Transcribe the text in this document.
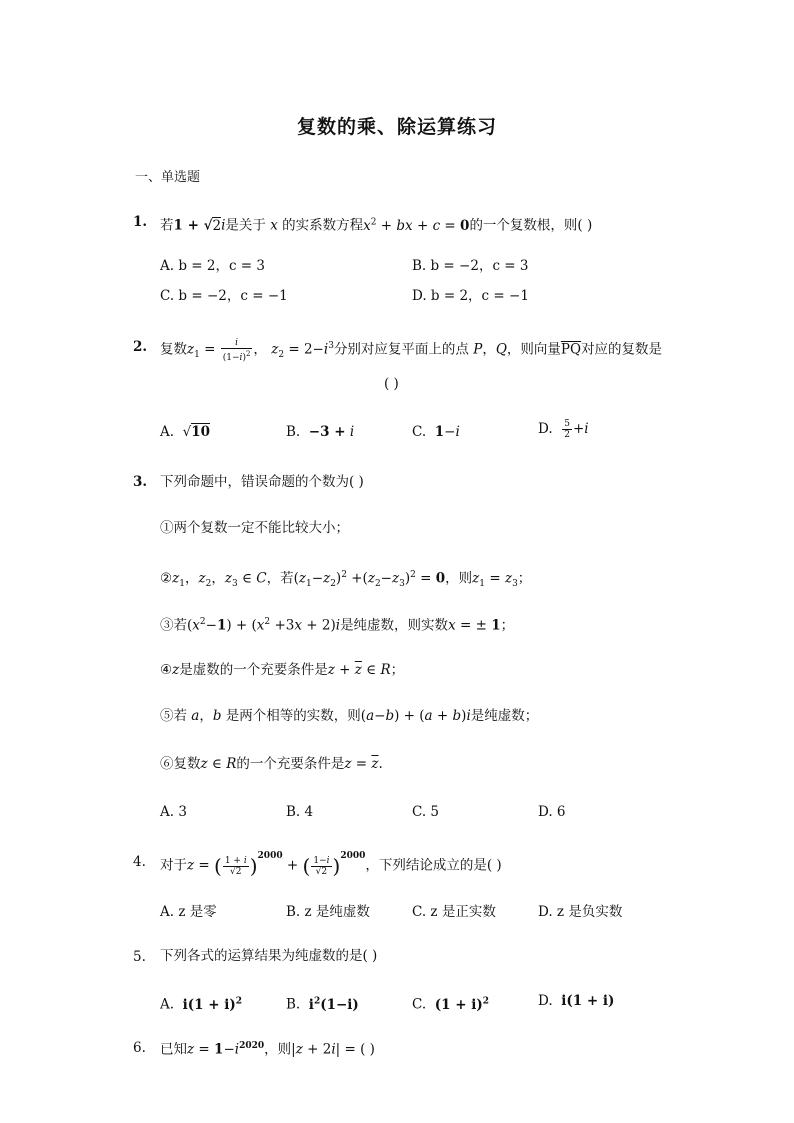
复数的乘、除运算练习
一、单选题
1. 若1 + √2i是关于 x 的实系数方程$x^2$ + bx + c = 0的一个复数根，则( )
A. b = 2，c = 3	B. b = −2，c = 3
C. b = −2，c = −1	D. b = 2，c = −1
2. 复数$z_1 = \frac{i}{(1-i)^2}$ ， $z_2 = 2-i^3$分别对应复平面上的点 P，Q，则向量$\overline{PQ}$对应的复数是
( )
A.  √10	B.  −3 + i	C.  1−i	D. $\frac{5}{2} +i$
3. 下列命题中，错误命题的个数为( )
①两个复数一定不能比较大小；
$②z_1$，$z_2$，$z_3$ ∈ C，若$(z_1-z_2)^2 +(z_2-z_3)^2 = 0$，则$z_1 = z_3$；
③若$(x^2-1) + (x^2 +3x + 2)i$是纯虚数，则实数x = ± 1；
④z是虚数的一个充要条件是$z + \overline{z}$ ∈ R；
⑤若 a，b 是两个相等的实数，则(a−b) + (a + b)i是纯虚数；
⑥复数z ∈ R的一个充要条件是$z = \overline{z}$.
A. 3	B. 4	C. 5	D. 6
4. 对于z = ( $\frac{1 + i}{√2} )^{2000}$ + ( $\frac{1-i}{√2} )^{2000}$，下列结论成立的是( )
A. z 是零	B. z 是纯虚数	C. z 是正实数	D. z 是负实数
5. 下列各式的运算结果为纯虚数的是( )
A.  $i(1 + i)^2$	B.  $i^2(1-i)$	C.  $(1 + i)^2$	D.  i(1 + i)
6. 已知$z = 1-i^{2020}$，则|z + 2i| = ( )
